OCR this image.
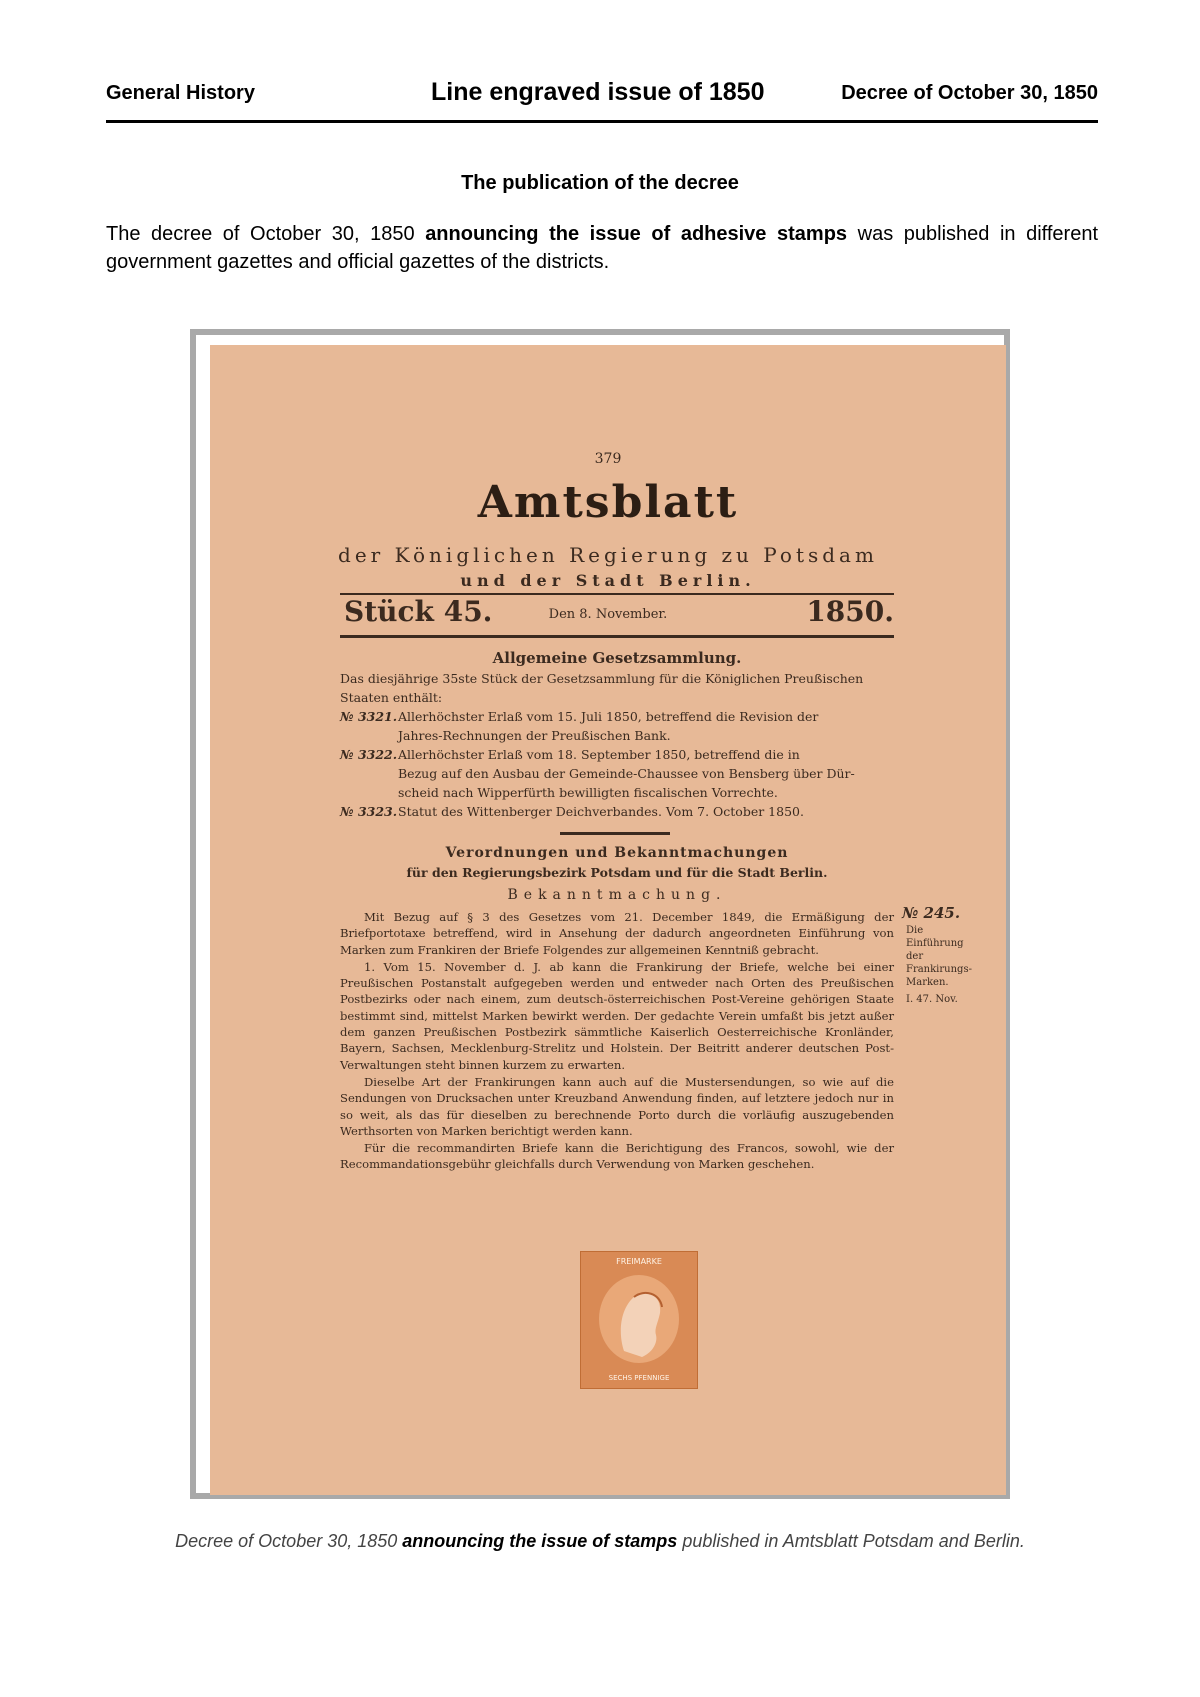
General History	Line engraved issue of 1850	Decree of October 30, 1850
The publication of the decree
The decree of October 30, 1850 announcing the issue of adhesive stamps was published in different government gazettes and official gazettes of the districts.
379
Amtsblatt
der Königlichen Regierung zu Potsdam
und der Stadt Berlin.
Stück 45.	Den 8. November.	1850.
Allgemeine Gesetzsammlung.
Das diesjährige 35ste Stück der Gesetzsammlung für die Königlichen Preußischen
Staaten enthält:
№ 3321.Allerhöchster Erlaß vom 15. Juli 1850, betreffend die Revision der
Jahres-Rechnungen der Preußischen Bank.
№ 3322.Allerhöchster Erlaß vom 18. September 1850, betreffend die in
Bezug auf den Ausbau der Gemeinde-Chaussee von Bensberg über Dür-
scheid nach Wipperfürth bewilligten fiscalischen Vorrechte.
№ 3323.Statut des Wittenberger Deichverbandes. Vom 7. October 1850.
Verordnungen und Bekanntmachungen
für den Regierungsbezirk Potsdam und für die Stadt Berlin.
Bekanntmachung.

Mit Bezug auf § 3 des Gesetzes vom 21. December 1849, die Ermäßigung der Briefportotaxe betreffend, wird in Ansehung der dadurch angeordneten Einführung von Marken zum Frankiren der Briefe Folgendes zur allgemeinen Kenntniß gebracht.

1. Vom 15. November d. J. ab kann die Frankirung der Briefe, welche bei einer Preußischen Postanstalt aufgegeben werden und entweder nach Orten des Preußischen Postbezirks oder nach einem, zum deutsch-österreichischen Post-Vereine gehörigen Staate bestimmt sind, mittelst Marken bewirkt werden. Der gedachte Verein umfaßt bis jetzt außer dem ganzen Preußischen Postbezirk sämmtliche Kaiserlich Oesterreichische Kronländer, Bayern, Sachsen, Mecklenburg-Strelitz und Holstein. Der Beitritt anderer deutschen Post-Verwaltungen steht binnen kurzem zu erwarten.

Dieselbe Art der Frankirungen kann auch auf die Mustersendungen, so wie auf die Sendungen von Drucksachen unter Kreuzband Anwendung finden, auf letztere jedoch nur in so weit, als das für dieselben zu berechnende Porto durch die vorläufig auszugebenden Werthsorten von Marken berichtigt werden kann.

Für die recommandirten Briefe kann die Berichtigung des Francos, sowohl, wie der Recommandationsgebühr gleichfalls durch Verwendung von Marken geschehen.

№ 245.
Die Einführung der Frankirungs-Marken.
I. 47. Nov.
FREIMARKE
SECHS PFENNIGE
Decree of October 30, 1850 announcing the issue of stamps published in Amtsblatt Potsdam and Berlin.
